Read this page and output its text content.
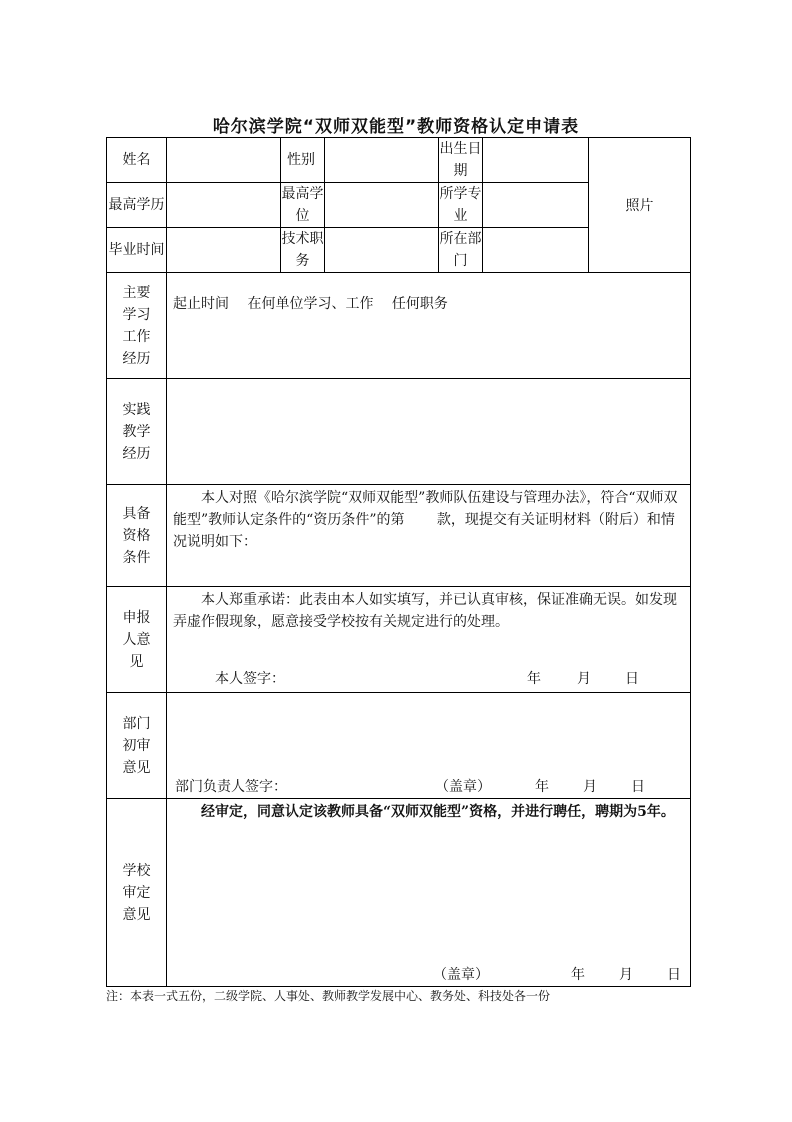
哈尔滨学院“双师双能型”教师资格认定申请表
姓名		性别		出生日期		照片
最高学历		最高学位		所学专业		
毕业时间		技术职务		所在部门		
主要学习工作经历	起止时间　 在何单位学习、工作　 任何职务					

实践教学经历						
具备资格条件	本人对照《哈尔滨学院“双师双能型”教师队伍建设与管理办法》，符合“双师双能型”教师认定条件的“资历条件”的第　　 款，现提交有关证明材料（附后）和情况说明如下：					

申报人意见	本人郑重承诺：此表由本人如实填写，并已认真审核，保证准确无误。如发现弄虚作假现象，愿意接受学校按有关规定进行的处理。
本人签字： 年 月 日					

部门初审意见	部门负责人签字： （盖章） 年 月 日					

学校审定意见	经审定，同意认定该教师具备“双师双能型”资格，并进行聘任，聘期为5年。
（盖章） 年 月 日					
注：本表一式五份，二级学院、人事处、教师教学发展中心、教务处、科技处各一份
